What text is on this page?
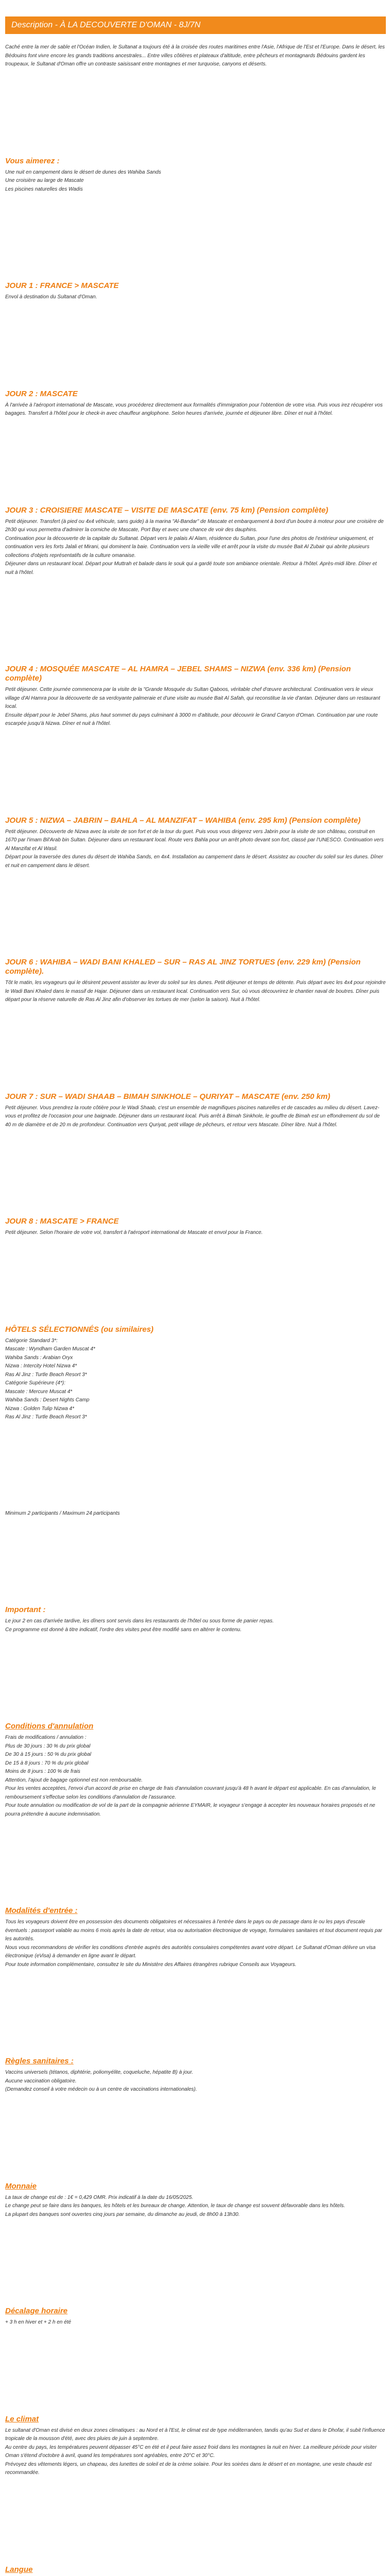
Description - À LA DECOUVERTE D'OMAN - 8J/7N

Caché entre la mer de sable et l'Océan Indien, le Sultanat a toujours été à la croisée des routes maritimes entre l'Asie, l'Afrique de l'Est et l'Europe. Dans le désert, les Bédouins font vivre encore les grands traditions ancestrales... Entre villes côtières et plateaux d'altitude, entre pêcheurs et montagnards Bédouins gardent les troupeaux, le Sultanat d'Oman offre un contraste saisissant entre montagnes et mer turquoise, canyons et déserts.

Vous aimerez :

Une nuit en campement dans le désert de dunes des Wahiba Sands

Une croisière au large de Mascate

Les piscines naturelles des Wadis

JOUR 1 : FRANCE > MASCATE

Envol à destination du Sultanat d'Oman.

JOUR 2 : MASCATE

À l'arrivée à l'aéroport international de Mascate, vous procéderez directement aux formalités d'immigration pour l'obtention de votre visa. Puis vous irez récupérer vos bagages. Transfert à l'hôtel pour le check-in avec chauffeur anglophone. Selon heures d'arrivée, journée et déjeuner libre. Dîner et nuit à l'hôtel.

JOUR 3 : CROISIERE MASCATE – VISITE DE MASCATE (env. 75 km) (Pension complète)

Petit déjeuner. Transfert (à pied ou 4x4 véhicule, sans guide) à la marina "Al-Bandar" de Mascate et embarquement à bord d'un boutre à moteur pour une croisière de 2h30 qui vous permettra d'admirer la corniche de Mascate, Port Bay et avec une chance de voir des dauphins.

Continuation pour la découverte de la capitale du Sultanat. Départ vers le palais Al Alam, résidence du Sultan, pour l'une des photos de l'extérieur uniquement, et continuation vers les forts Jalali et Mirani, qui dominent la baie. Continuation vers la vieille ville et arrêt pour la visite du musée Bait Al Zubair qui abrite plusieurs collections d'objets représentatifs de la culture omanaise.

Déjeuner dans un restaurant local. Départ pour Muttrah et balade dans le souk qui a gardé toute son ambiance orientale. Retour à l'hôtel. Après-midi libre. Dîner et nuit à l'hôtel.

JOUR 4 : MOSQUÉE MASCATE – AL HAMRA – JEBEL SHAMS – NIZWA (env. 336 km) (Pension complète)

Petit déjeuner. Cette journée commencera par la visite de la "Grande Mosquée du Sultan Qaboos, véritable chef d'œuvre architectural. Continuation vers le vieux village d'Al Hamra pour la découverte de sa verdoyante palmeraie et d'une visite au musée Bait Al Safah, qui reconstitue la vie d'antan. Déjeuner dans un restaurant local.

Ensuite départ pour le Jebel Shams, plus haut sommet du pays culminant à 3000 m d'altitude, pour découvrir le Grand Canyon d'Oman. Continuation par une route escarpée jusqu'à Nizwa. Dîner et nuit à l'hôtel.

JOUR 5 : NIZWA – JABRIN – BAHLA – AL MANZIFAT – WAHIBA (env. 295 km) (Pension complète)

Petit déjeuner. Découverte de Nizwa avec la visite de son fort et de la tour du guet. Puis vous vous dirigerez vers Jabrin pour la visite de son château, construit en 1670 par l'imam Bil'Arab bin Sultan. Déjeuner dans un restaurant local. Route vers Bahla pour un arrêt photo devant son fort, classé par l'UNESCO. Continuation vers Al Manzifat et Al Wasil.

Départ pour la traversée des dunes du désert de Wahiba Sands, en 4x4. Installation au campement dans le désert. Assistez au coucher du soleil sur les dunes. Dîner et nuit en campement dans le désert.

JOUR 6 : WAHIBA – WADI BANI KHALED – SUR – RAS AL JINZ TORTUES (env. 229 km) (Pension complète).

Tôt le matin, les voyageurs qui le désirent peuvent assister au lever du soleil sur les dunes. Petit déjeuner et temps de détente. Puis départ avec les 4x4 pour rejoindre le Wadi Bani Khaled dans le massif de Hajar. Déjeuner dans un restaurant local. Continuation vers Sur, où vous découvrirez le chantier naval de boutres. Dîner puis départ pour la réserve naturelle de Ras Al Jinz afin d'observer les tortues de mer (selon la saison). Nuit à l'hôtel.

JOUR 7 : SUR – WADI SHAAB – BIMAH SINKHOLE – QURIYAT – MASCATE (env. 250 km)

Petit déjeuner. Vous prendrez la route côtière pour le Wadi Shaab, c'est un ensemble de magnifiques piscines naturelles et de cascades au milieu du désert. Lavez-vous et profitez de l'occasion pour une baignade. Déjeuner dans un restaurant local. Puis arrêt à Bimah Sinkhole, le gouffre de Bimah est un effondrement du sol de 40 m de diamètre et de 20 m de profondeur. Continuation vers Quriyat, petit village de pêcheurs, et retour vers Mascate. Dîner libre. Nuit à l'hôtel.

JOUR 8 : MASCATE > FRANCE

Petit déjeuner. Selon l'horaire de votre vol, transfert à l'aéroport international de Mascate et envol pour la France.

HÔTELS SÉLECTIONNÉS (ou similaires)

Catégorie Standard 3*:

Mascate : Wyndham Garden Muscat 4*

Wahiba Sands : Arabian Oryx

Nizwa : Intercity Hotel Nizwa 4*

Ras Al Jinz : Turtle Beach Resort 3*

Catégorie Supérieure (4*):

Mascate : Mercure Muscat 4*

Wahiba Sands : Desert Nights Camp

Nizwa : Golden Tulip Nizwa 4*

Ras Al Jinz : Turtle Beach Resort 3*

Minimum 2 participants / Maximum 24 participants

Important :

Le jour 2 en cas d'arrivée tardive, les dîners sont servis dans les restaurants de l'hôtel ou sous forme de panier repas.

Ce programme est donné à titre indicatif, l'ordre des visites peut être modifié sans en altérer le contenu.

Conditions d'annulation

Frais de modifications / annulation :

Plus de 30 jours : 30 % du prix global

De 30 à 15 jours : 50 % du prix global

De 15 à 8 jours : 70 % du prix global

Moins de 8 jours : 100 % de frais

Attention, l'ajout de bagage optionnel est non remboursable.

Pour les ventes acceptées, l'envoi d'un accord de prise en charge de frais d'annulation couvrant jusqu'à 48 h avant le départ est applicable. En cas d'annulation, le remboursement s'effectue selon les conditions d'annulation de l'assurance.

Pour toute annulation ou modification de vol de la part de la compagnie aérienne EYMAIR, le voyageur s'engage à accepter les nouveaux horaires proposés et ne pourra prétendre à aucune indemnisation.

Modalités d'entrée :

Tous les voyageurs doivent être en possession des documents obligatoires et nécessaires à l'entrée dans le pays ou de passage dans le ou les pays d'escale éventuels : passeport valable au moins 6 mois après la date de retour, visa ou autorisation électronique de voyage, formulaires sanitaires et tout document requis par les autorités.

Nous vous recommandons de vérifier les conditions d'entrée auprès des autorités consulaires compétentes avant votre départ. Le Sultanat d'Oman délivre un visa électronique (eVisa) à demander en ligne avant le départ.

Pour toute information complémentaire, consultez le site du Ministère des Affaires étrangères rubrique Conseils aux Voyageurs.

Règles sanitaires :

Vaccins universels (tétanos, diphtérie, poliomyélite, coqueluche, hépatite B) à jour.

Aucune vaccination obligatoire.

(Demandez conseil à votre médecin ou à un centre de vaccinations internationales).

Monnaie

La taux de change est de : 1€ = 0,429 OMR. Prix indicatif à la date du 16/05/2025.

Le change peut se faire dans les banques, les hôtels et les bureaux de change. Attention, le taux de change est souvent défavorable dans les hôtels.

La plupart des banques sont ouvertes cinq jours par semaine, du dimanche au jeudi, de 8h00 à 13h30.

Décalage horaire

+ 3 h en hiver et + 2 h en été

Le climat

Le sultanat d'Oman est divisé en deux zones climatiques : au Nord et à l'Est, le climat est de type méditerranéen, tandis qu'au Sud et dans le Dhofar, il subit l'influence tropicale de la mousson d'été, avec des pluies de juin à septembre.

Au centre du pays, les températures peuvent dépasser 45°C en été et il peut faire assez froid dans les montagnes la nuit en hiver. La meilleure période pour visiter Oman s'étend d'octobre à avril, quand les températures sont agréables, entre 20°C et 30°C.

Prévoyez des vêtements légers, un chapeau, des lunettes de soleil et de la crème solaire. Pour les soirées dans le désert et en montagne, une veste chaude est recommandée.

Langue
